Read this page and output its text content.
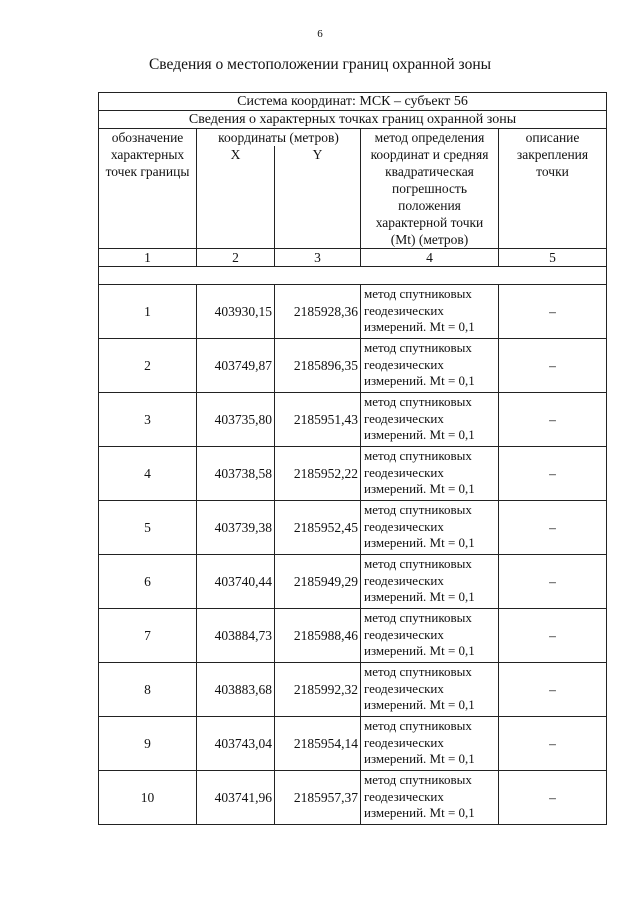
6
Сведения о местоположении границ охранной зоны
Система координат: МСК – субъект 56				
Сведения о характерных точках границ охранной зоны				
обозначение характерных точек границы	координаты (метров)		метод определения координат и средняя квадратическая погрешность положения характерной точки (Mt) (метров)	описание закрепления точки
	X	Y		
1	2	3	4	5

1	403930,15	2185928,36	метод спутниковых геодезических измерений. Mt = 0,1	–
2	403749,87	2185896,35	метод спутниковых геодезических измерений. Mt = 0,1	–
3	403735,80	2185951,43	метод спутниковых геодезических измерений. Mt = 0,1	–
4	403738,58	2185952,22	метод спутниковых геодезических измерений. Mt = 0,1	–
5	403739,38	2185952,45	метод спутниковых геодезических измерений. Mt = 0,1	–
6	403740,44	2185949,29	метод спутниковых геодезических измерений. Mt = 0,1	–
7	403884,73	2185988,46	метод спутниковых геодезических измерений. Mt = 0,1	–
8	403883,68	2185992,32	метод спутниковых геодезических измерений. Mt = 0,1	–
9	403743,04	2185954,14	метод спутниковых геодезических измерений. Mt = 0,1	–
10	403741,96	2185957,37	метод спутниковых геодезических измерений. Mt = 0,1	–
